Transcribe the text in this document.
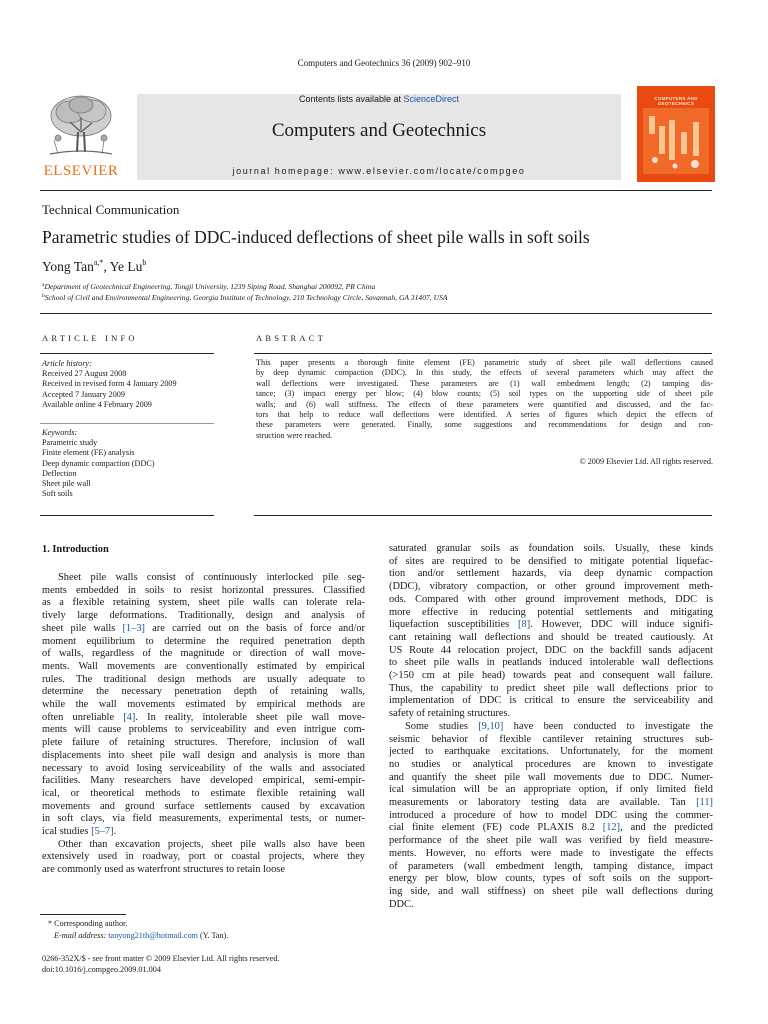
Computers and Geotechnics 36 (2009) 902–910
Contents lists available at ScienceDirect
Computers and Geotechnics
journal homepage: www.elsevier.com/locate/compgeo
ELSEVIER
COMPUTERS AND GEOTECHNICS
Technical Communication
Parametric studies of DDC-induced deflections of sheet pile walls in soft soils
Yong Tan$^{a,*}$, Ye Lu$^b$
$^a$Department of Geotechnical Engineering, Tongji University, 1239 Siping Road, Shanghai 200092, PR China
$^b$School of Civil and Environmental Engineering, Georgia Institute of Technology, 210 Technology Circle, Savannah, GA 31407, USA
ARTICLE INFO
Article history:
Received 27 August 2008
Received in revised form 4 January 2009
Accepted 7 January 2009
Available online 4 February 2009
Keywords:
Parametric study
Finite element (FE) analysis
Deep dynamic compaction (DDC)
Deflection
Sheet pile wall
Soft soils
ABSTRACT
This paper presents a thorough finite element (FE) parametric study of sheet pile wall deflections caused
by deep dynamic compaction (DDC). In this study, the effects of several parameters which may affect the
wall deflections were investigated. These parameters are (1) wall embedment length; (2) tamping dis-
tance; (3) impact energy per blow; (4) blow counts; (5) soil types on the supporting side of sheet pile
walls; and (6) wall stiffness. The effects of these parameters were quantified and discussed, and the fac-
tors that help to reduce wall deflections were identified. A series of figures which depict the effects of
these parameters were generated. Finally, some suggestions and recommendations for design and con-
struction were reached.
© 2009 Elsevier Ltd. All rights reserved.
1. Introduction
Sheet pile walls consist of continuously interlocked pile seg-
ments embedded in soils to resist horizontal pressures. Classified
as a flexible retaining system, sheet pile walls can tolerate rela-
tively large deformations. Traditionally, design and analysis of
sheet pile walls [1–3] are carried out on the basis of force and/or
moment equilibrium to determine the required penetration depth
of walls, regardless of the magnitude or direction of wall move-
ments. Wall movements are conventionally estimated by empirical
rules. The traditional design methods are usually adequate to
determine the necessary penetration depth of retaining walls,
while the wall movements estimated by empirical methods are
often unreliable [4]. In reality, intolerable sheet pile wall move-
ments will cause problems to serviceability and even intrigue com-
plete failure of retaining structures. Therefore, inclusion of wall
displacements into sheet pile wall design and analysis is more than
necessary to avoid losing serviceability of the walls and associated
facilities. Many researchers have developed empirical, semi-empir-
ical, or theoretical methods to estimate flexible retaining wall
movements and ground surface settlements caused by excavation
in soft clays, via field measurements, experimental tests, or numer-
ical studies [5–7].
Other than excavation projects, sheet pile walls also have been
extensively used in roadway, port or coastal projects, where they
are commonly used as waterfront structures to retain loose
saturated granular soils as foundation soils. Usually, these kinds
of sites are required to be densified to mitigate potential liquefac-
tion and/or settlement hazards, via deep dynamic compaction
(DDC), vibratory compaction, or other ground improvement meth-
ods. Compared with other ground improvement methods, DDC is
more effective in reducing potential settlements and mitigating
liquefaction susceptibilities [8]. However, DDC will induce signifi-
cant retaining wall deflections and should be treated cautiously. At
US Route 44 relocation project, DDC on the backfill sands adjacent
to sheet pile walls in peatlands induced intolerable wall deflections
(>150 cm at pile head) towards peat and consequent wall failure.
Thus, the capability to predict sheet pile wall deflections prior to
implementation of DDC is critical to ensure the serviceability and
safety of retaining structures.
Some studies [9,10] have been conducted to investigate the
seismic behavior of flexible cantilever retaining structures sub-
jected to earthquake excitations. Unfortunately, for the moment
no studies or analytical procedures are known to investigate
and quantify the sheet pile wall movements due to DDC. Numer-
ical simulation will be an appropriate option, if only limited field
measurements or laboratory testing data are available. Tan [11]
introduced a procedure of how to model DDC using the commer-
cial finite element (FE) code PLAXIS 8.2 [12], and the predicted
performance of the sheet pile wall was verified by field measure-
ments. However, no efforts were made to investigate the effects
of parameters (wall embedment length, tamping distance, impact
energy per blow, blow counts, types of soft soils on the support-
ing side, and wall stiffness) on sheet pile wall deflections during
DDC.
* Corresponding author.
E-mail address: tanyong21th@hotmail.com (Y. Tan).
0266-352X/$ - see front matter © 2009 Elsevier Ltd. All rights reserved.
doi:10.1016/j.compgeo.2009.01.004
